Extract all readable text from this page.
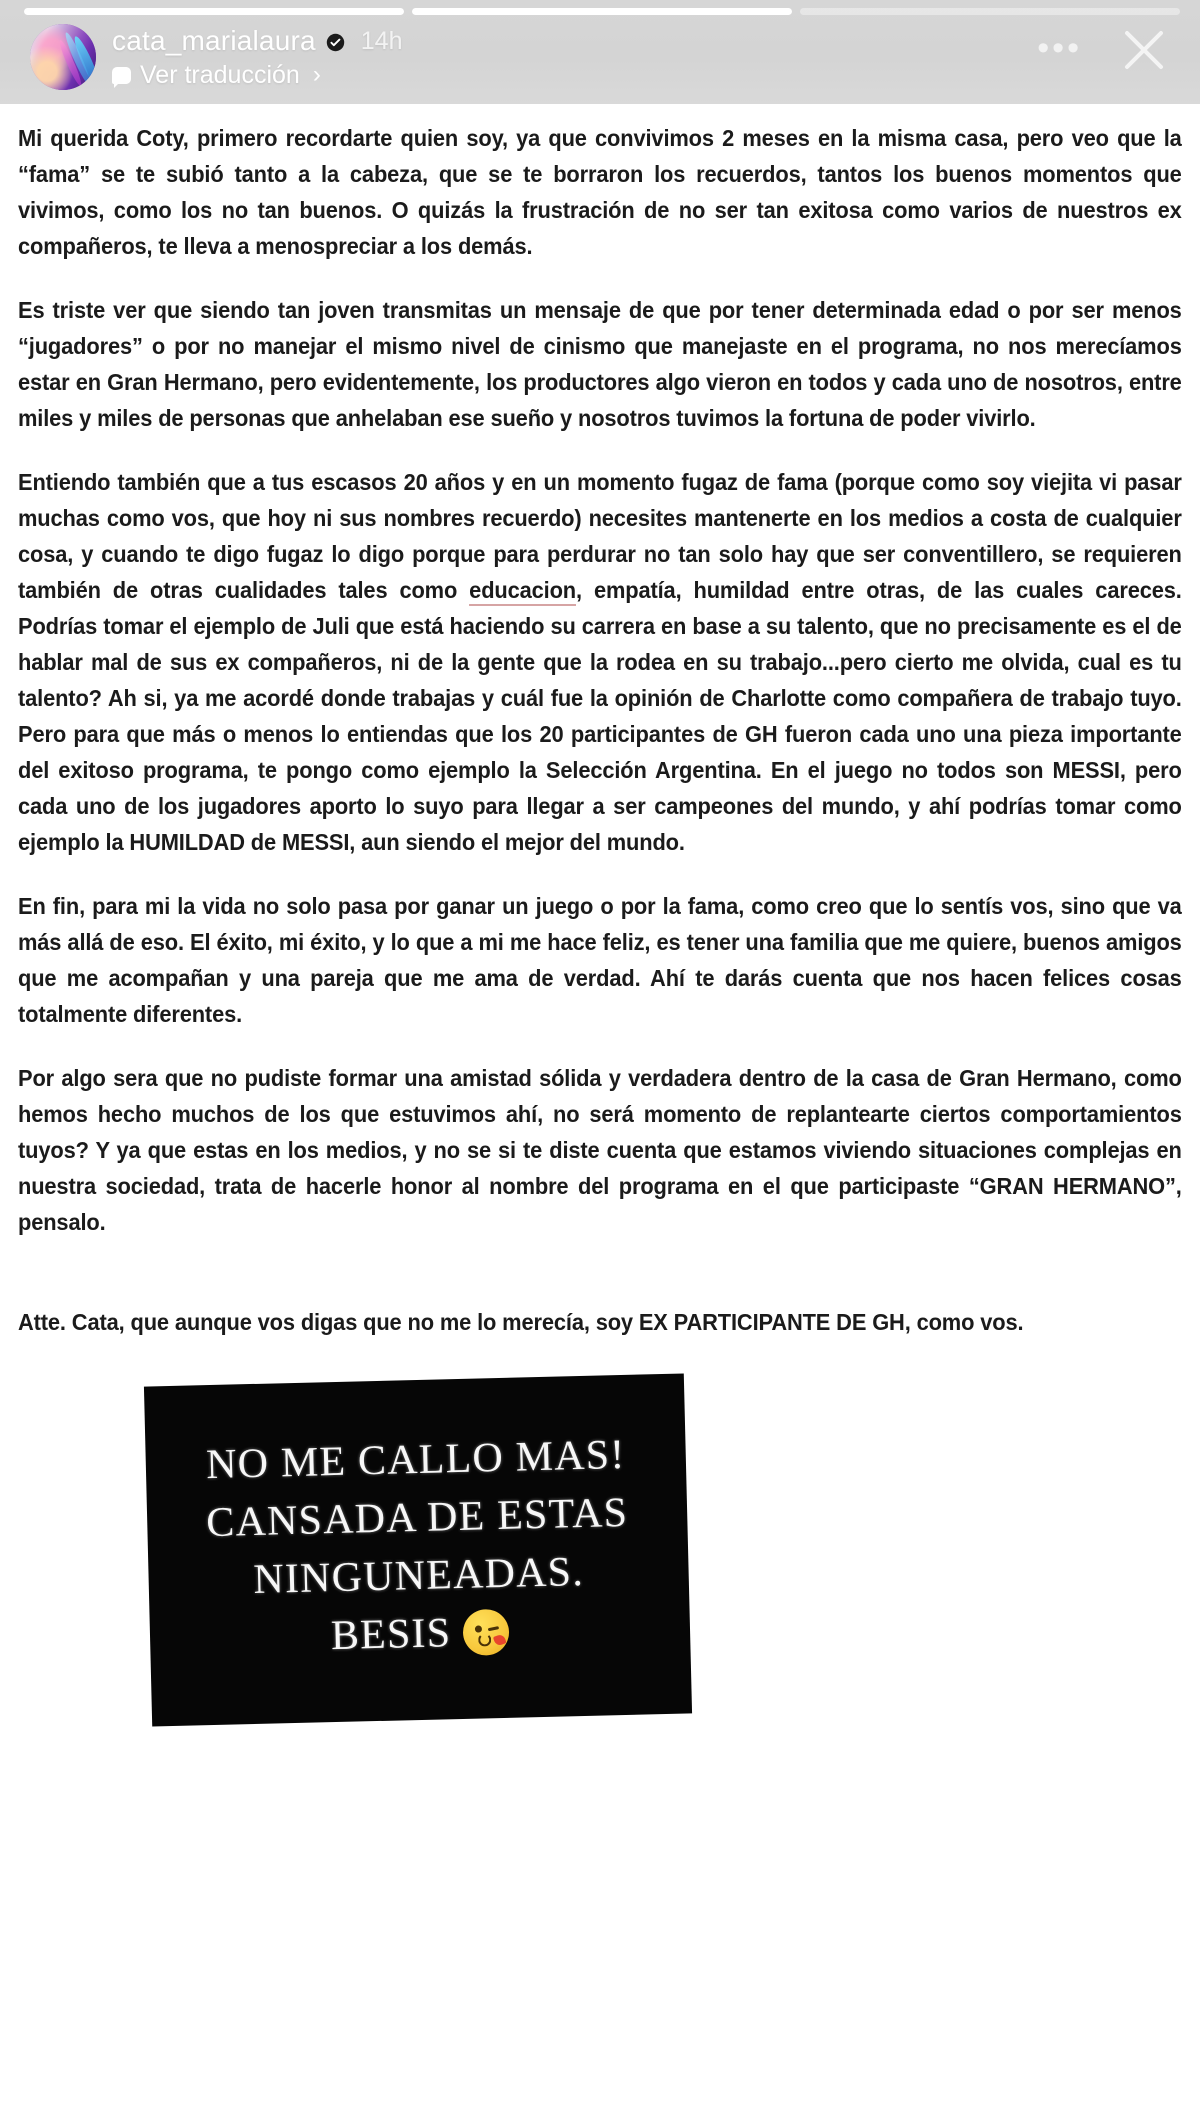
cata_marialaura 14h
Ver traducción ›
•••

Mi querida Coty, primero recordarte quien soy, ya que convivimos 2 meses en la misma casa, pero veo que la “fama” se te subió tanto a la cabeza, que se te borraron los recuerdos, tantos los buenos momentos que vivimos, como los no tan buenos. O quizás la frustración de no ser tan exitosa como varios de nuestros ex compañeros, te lleva a menospreciar a los demás.

Es triste ver que siendo tan joven transmitas un mensaje de que por tener determinada edad o por ser menos “jugadores” o por no manejar el mismo nivel de cinismo que manejaste en el programa, no nos merecíamos estar en Gran Hermano, pero evidentemente, los productores algo vieron en todos y cada uno de nosotros, entre miles y miles de personas que anhelaban ese sueño y nosotros tuvimos la fortuna de poder vivirlo.

Entiendo también que a tus escasos 20 años y en un momento fugaz de fama (porque como soy viejita vi pasar muchas como vos, que hoy ni sus nombres recuerdo) necesites mantenerte en los medios a costa de cualquier cosa, y cuando te digo fugaz lo digo porque para perdurar no tan solo hay que ser conventillero, se requieren también de otras cualidades tales como educacion, empatía, humildad entre otras, de las cuales careces. Podrías tomar el ejemplo de Juli que está haciendo su carrera en base a su talento, que no precisamente es el de hablar mal de sus ex compañeros, ni de la gente que la rodea en su trabajo...pero cierto me olvida, cual es tu talento? Ah si, ya me acordé donde trabajas y cuál fue la opinión de Charlotte como compañera de trabajo tuyo. Pero para que más o menos lo entiendas que los 20 participantes de GH fueron cada uno una pieza importante del exitoso programa, te pongo como ejemplo la Selección Argentina. En el juego no todos son MESSI, pero cada uno de los jugadores aporto lo suyo para llegar a ser campeones del mundo, y ahí podrías tomar como ejemplo la HUMILDAD de MESSI, aun siendo el mejor del mundo.

En fin, para mi la vida no solo pasa por ganar un juego o por la fama, como creo que lo sentís vos, sino que va más allá de eso. El éxito, mi éxito, y lo que a mi me hace feliz, es tener una familia que me quiere, buenos amigos que me acompañan y una pareja que me ama de verdad. Ahí te darás cuenta que nos hacen felices cosas totalmente diferentes.

Por algo sera que no pudiste formar una amistad sólida y verdadera dentro de la casa de Gran Hermano, como hemos hecho muchos de los que estuvimos ahí, no será momento de replantearte ciertos comportamientos tuyos? Y ya que estas en los medios, y no se si te diste cuenta que estamos viviendo situaciones complejas en nuestra sociedad, trata de hacerle honor al nombre del programa en el que participaste “GRAN HERMANO”, pensalo.

Atte. Cata, que aunque vos digas que no me lo merecía, soy EX PARTICIPANTE DE GH, como vos.

NO ME CALLO MAS!
CANSADA DE ESTAS
NINGUNEADAS.
BESIS
